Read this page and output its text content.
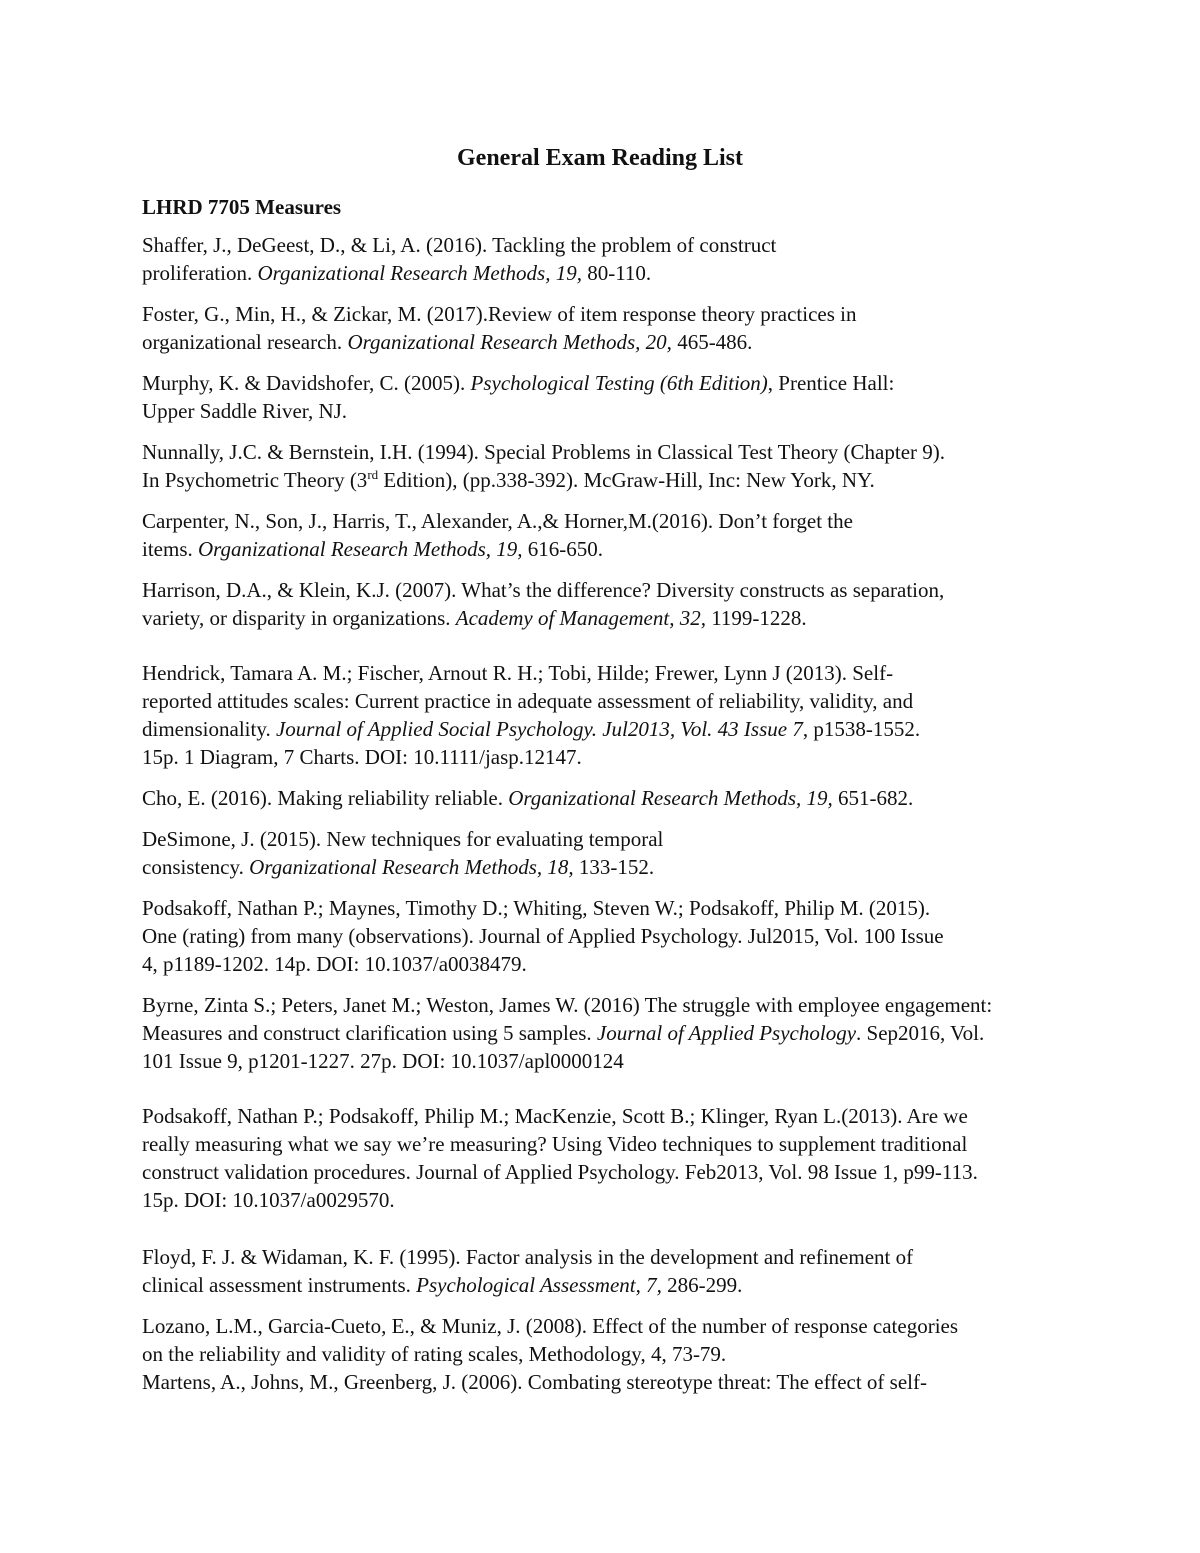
General Exam Reading List
LHRD 7705 Measures

Shaffer, J., DeGeest, D., & Li, A. (2016). Tackling the problem of construct
proliferation. Organizational Research Methods, 19, 80-110.

Foster, G., Min, H., & Zickar, M. (2017).Review of item response theory practices in
organizational research. Organizational Research Methods, 20, 465-486.

Murphy, K. & Davidshofer, C. (2005). Psychological Testing (6th Edition), Prentice Hall:
Upper Saddle River, NJ.

Nunnally, J.C. & Bernstein, I.H. (1994). Special Problems in Classical Test Theory (Chapter 9).
In Psychometric Theory (3rd Edition), (pp.338-392). McGraw-Hill, Inc: New York, NY.

Carpenter, N., Son, J., Harris, T., Alexander, A.,& Horner,M.(2016). Don’t forget the
items. Organizational Research Methods, 19, 616-650.

Harrison, D.A., & Klein, K.J. (2007). What’s the difference? Diversity constructs as separation,
variety, or disparity in organizations. Academy of Management, 32, 1199-1228.

Hendrick, Tamara A. M.; Fischer, Arnout R. H.; Tobi, Hilde; Frewer, Lynn J (2013). Self-
reported attitudes scales: Current practice in adequate assessment of reliability, validity, and
dimensionality. Journal of Applied Social Psychology. Jul2013, Vol. 43 Issue 7, p1538-1552.
15p. 1 Diagram, 7 Charts. DOI: 10.1111/jasp.12147.

Cho, E. (2016). Making reliability reliable. Organizational Research Methods, 19, 651-682.

DeSimone, J. (2015). New techniques for evaluating temporal
consistency. Organizational Research Methods, 18, 133-152.

Podsakoff, Nathan P.; Maynes, Timothy D.; Whiting, Steven W.; Podsakoff, Philip M. (2015).
One (rating) from many (observations). Journal of Applied Psychology. Jul2015, Vol. 100 Issue
4, p1189-1202. 14p. DOI: 10.1037/a0038479.

Byrne, Zinta S.; Peters, Janet M.; Weston, James W. (2016) The struggle with employee engagement:
Measures and construct clarification using 5 samples. Journal of Applied Psychology. Sep2016, Vol.
101 Issue 9, p1201-1227. 27p. DOI: 10.1037/apl0000124

Podsakoff, Nathan P.; Podsakoff, Philip M.; MacKenzie, Scott B.; Klinger, Ryan L.(2013). Are we
really measuring what we say we’re measuring? Using Video techniques to supplement traditional
construct validation procedures. Journal of Applied Psychology. Feb2013, Vol. 98 Issue 1, p99-113.
15p. DOI: 10.1037/a0029570.

Floyd, F. J. & Widaman, K. F. (1995). Factor analysis in the development and refinement of
clinical assessment instruments. Psychological Assessment, 7, 286-299.

Lozano, L.M., Garcia-Cueto, E., & Muniz, J. (2008). Effect of the number of response categories
on the reliability and validity of rating scales, Methodology, 4, 73-79.

Martens, A., Johns, M., Greenberg, J. (2006). Combating stereotype threat: The effect of self-
